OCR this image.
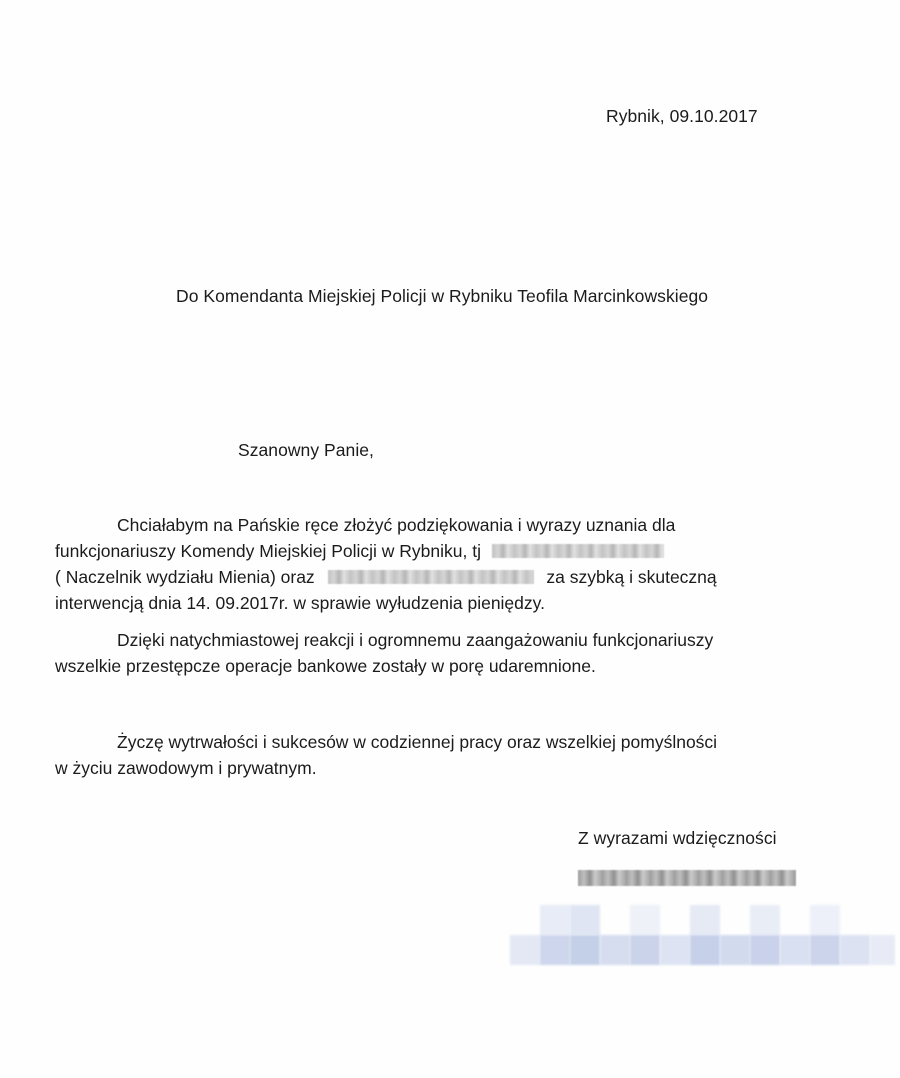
Rybnik, 09.10.2017
Do Komendanta Miejskiej Policji w Rybniku Teofila Marcinkowskiego
Szanowny Panie,
Chciałabym na Pańskie ręce złożyć podziękowania i wyrazy uznania dla
funkcjonariuszy Komendy Miejskiej Policji w Rybniku, tj
( Naczelnik wydziału Mienia) oraz	za szybką i skuteczną
interwencją dnia 14. 09.2017r. w sprawie wyłudzenia pieniędzy.
Dzięki natychmiastowej reakcji i ogromnemu zaangażowaniu funkcjonariuszy
wszelkie przestępcze operacje bankowe zostały w porę udaremnione.
Życzę wytrwałości i sukcesów w codziennej pracy oraz wszelkiej pomyślności
w życiu zawodowym i prywatnym.
Z wyrazami wdzięczności
